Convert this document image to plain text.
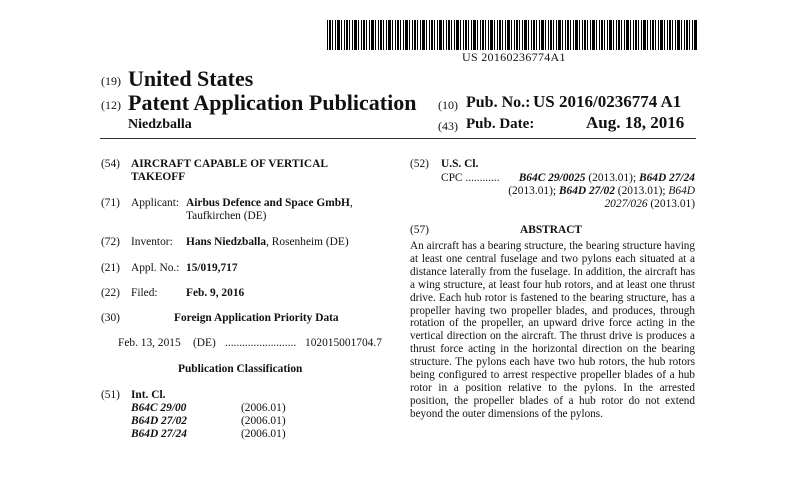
US 20160236774A1
(19) United States
(12) Patent Application Publication (10) Pub. No.: US 2016/0236774 A1
Niedzballa	(43) Pub. Date:	Aug. 18, 2016
(54) AIRCRAFT CAPABLE OF VERTICAL
TAKEOFF
(71) Applicant: Airbus Defence and Space GmbH,
Taufkirchen (DE)
(72) Inventor: Hans Niedzballa, Rosenheim (DE)
(21) Appl. No.: 15/019,717
(22) Filed: Feb. 9, 2016
(30)	Foreign Application Priority Data
Feb. 13, 2015 (DE) ......................... 102015001704.7
Publication Classification
(51) Int. Cl.
B64C 29/00	(2006.01)
B64D 27/02	(2006.01)
B64D 27/24	(2006.01)
(52) U.S. Cl.
CPC ............	B64C 29/0025 (2013.01); B64D 27/24
(2013.01); B64D 27/02 (2013.01); B64D
2027/026 (2013.01)
(57)	ABSTRACT
An aircraft has a bearing structure, the bearing structure having at least one central fuselage and two pylons each situated at a distance laterally from the fuselage. In addition, the aircraft has a wing structure, at least four hub rotors, and at least one thrust drive. Each hub rotor is fastened to the bearing structure, has a propeller having two propeller blades, and produces, through rotation of the propeller, an upward drive force acting in the vertical direction on the aircraft. The thrust drive is produces a thrust force acting in the horizontal direction on the bearing structure. The pylons each have two hub rotors, the hub rotors being configured to arrest respective propeller blades of a hub rotor in a position relative to the pylons. In the arrested position, the propeller blades of a hub rotor do not extend beyond the outer dimensions of the pylons.
